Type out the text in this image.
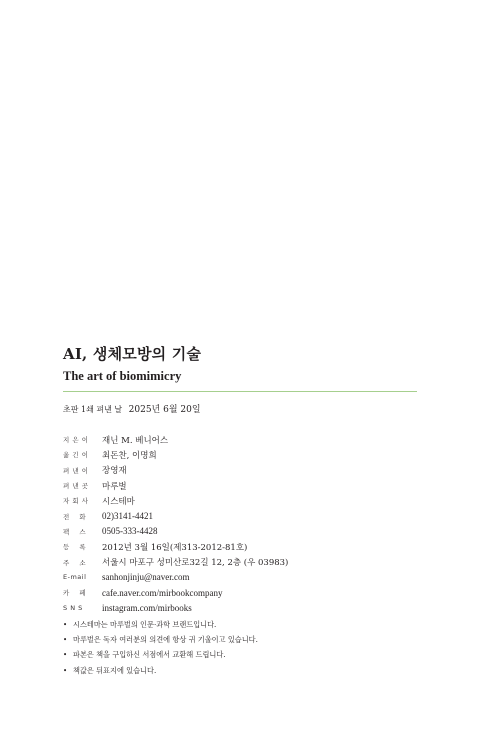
AI, 생체모방의 기술
The art of biomimicry
초판 1쇄 펴낸 날 2025년 6월 20일
지 은 이	재닌 M. 베니어스
옮 긴 이	최돈찬, 이명희
펴 낸 이	장영재
펴 낸 곳	마루벌
자 회 사	시스테마
전 화	02)3141-4421
팩 스	0505-333-4428
등 록	2012년 3월 16일(제313-2012-81호)
주 소	서울시 마포구 성미산로32길 12, 2층 (우 03983)
E-mail	sanhonjinju@naver.com
카 페	cafe.naver.com/mirbookcompany
S N S	instagram.com/mirbooks
• 시스테마는 마루벌의 인문·과학 브랜드입니다.
• 마루벌은 독자 여러분의 의견에 항상 귀 기울이고 있습니다.
• 파본은 책을 구입하신 서점에서 교환해 드립니다.
• 책값은 뒤표지에 있습니다.
